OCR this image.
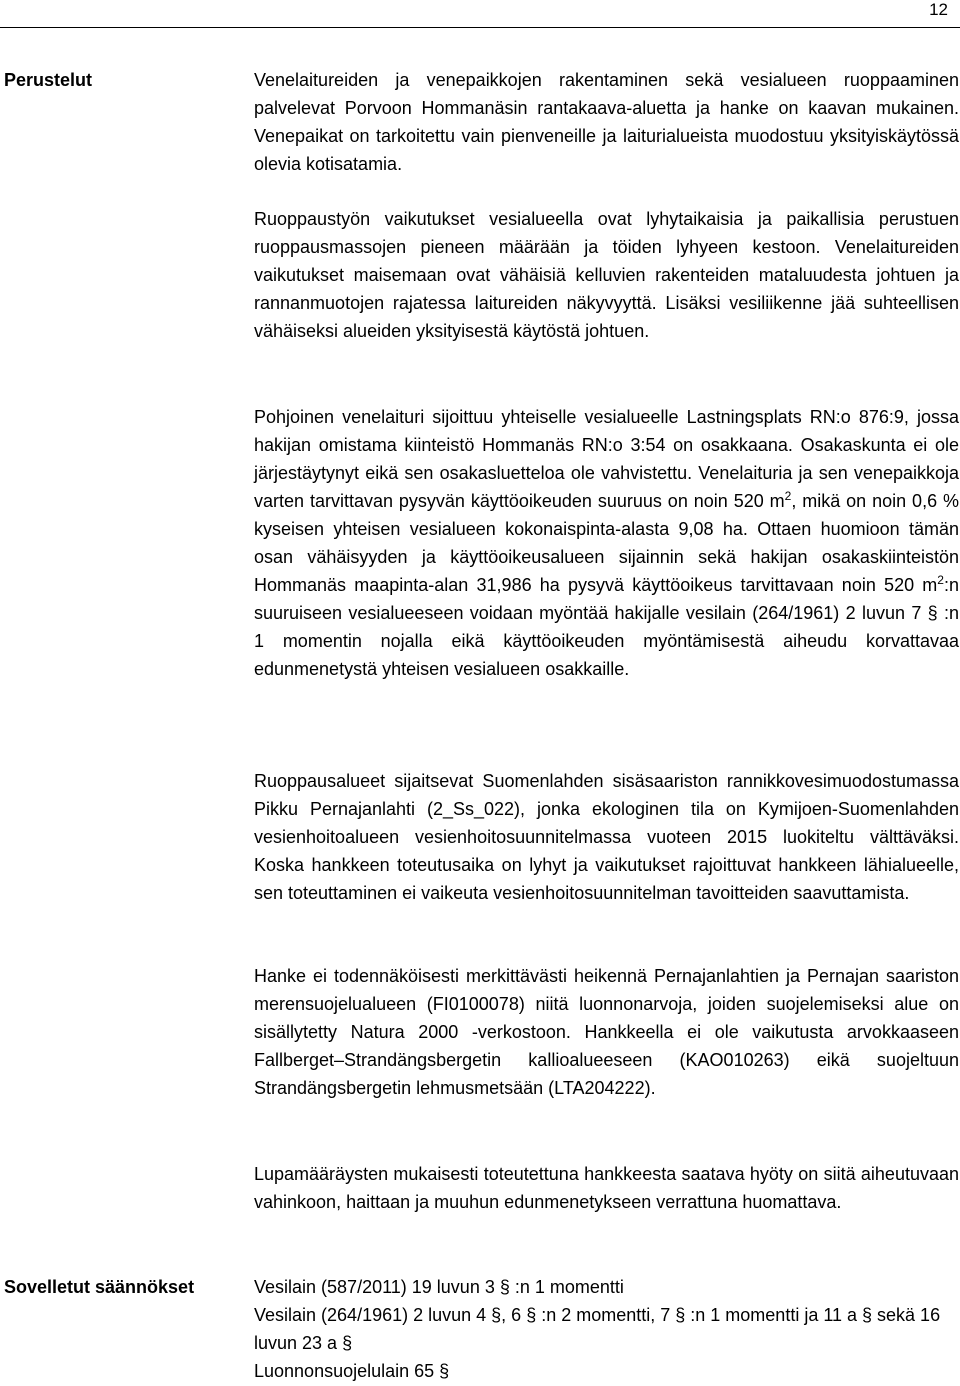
12
Perustelut	Venelaitureiden ja venepaikkojen rakentaminen sekä vesialueen ruoppaaminen palvelevat Porvoon Hommanäsin rantakaava-aluetta ja hanke on kaavan mukainen. Venepaikat on tarkoitettu vain pienveneille ja laiturialueista muodostuu yksityiskäytössä olevia kotisatamia.
Ruoppaustyön vaikutukset vesialueella ovat lyhytaikaisia ja paikallisia perustuen ruoppausmassojen pieneen määrään ja töiden lyhyeen kestoon. Venelaitureiden vaikutukset maisemaan ovat vähäisiä kelluvien rakenteiden mataluudesta johtuen ja rannanmuotojen rajatessa laitureiden näkyvyyttä. Lisäksi vesiliikenne jää suhteellisen vähäiseksi alueiden yksityisestä käytöstä johtuen.
Pohjoinen venelaituri sijoittuu yhteiselle vesialueelle Lastningsplats RN:o 876:9, jossa hakijan omistama kiinteistö Hommanäs RN:o 3:54 on osakkaana. Osakaskunta ei ole järjestäytynyt eikä sen osakasluetteloa ole vahvistettu. Venelaituria ja sen venepaikkoja varten tarvittavan pysyvän käyttöoikeuden suuruus on noin 520 $m^2$, mikä on noin 0,6 % kyseisen yhteisen vesialueen kokonaispinta-alasta 9,08 ha. Ottaen huomioon tämän osan vähäisyyden ja käyttöoikeusalueen sijainnin sekä hakijan osakaskiinteistön Hommanäs maapinta-alan 31,986 ha pysyvä käyttöoikeus tarvittavaan noin 520 $m^2:n$ suuruiseen vesialueeseen voidaan myöntää hakijalle vesilain (264/1961) 2 luvun 7 § :n 1 momentin nojalla eikä käyttöoikeuden myöntämisestä aiheudu korvattavaa edunmenetystä yhteisen vesialueen osakkaille.
Ruoppausalueet sijaitsevat Suomenlahden sisäsaariston rannikkovesimuodostumassa Pikku Pernajanlahti (2_Ss_022), jonka ekologinen tila on Kymijoen-Suomenlahden vesienhoitoalueen vesienhoitosuunnitelmassa vuoteen 2015 luokiteltu välttäväksi. Koska hankkeen toteutusaika on lyhyt ja vaikutukset rajoittuvat hankkeen lähialueelle, sen toteuttaminen ei vaikeuta vesienhoitosuunnitelman tavoitteiden saavuttamista.
Hanke ei todennäköisesti merkittävästi heikennä Pernajanlahtien ja Pernajan saariston merensuojelualueen (FI0100078) niitä luonnonarvoja, joiden suojelemiseksi alue on sisällytetty Natura 2000 -verkostoon. Hankkeella ei ole vaikutusta arvokkaaseen Fallberget–Strandängsbergetin kallioalueeseen (KAO010263) eikä suojeltuun Strandängsbergetin lehmusmetsään (LTA204222).
Lupamääräysten mukaisesti toteutettuna hankkeesta saatava hyöty on siitä aiheutuvaan vahinkoon, haittaan ja muuhun edunmenetykseen verrattuna huomattava.
Sovelletut säännökset	Vesilain (587/2011) 19 luvun 3 § :n 1 momentti
Vesilain (264/1961) 2 luvun 4 §, 6 § :n 2 momentti, 7 § :n 1 momentti ja 11 a § sekä 16 luvun 23 a §
Luonnonsuojelulain 65 §
